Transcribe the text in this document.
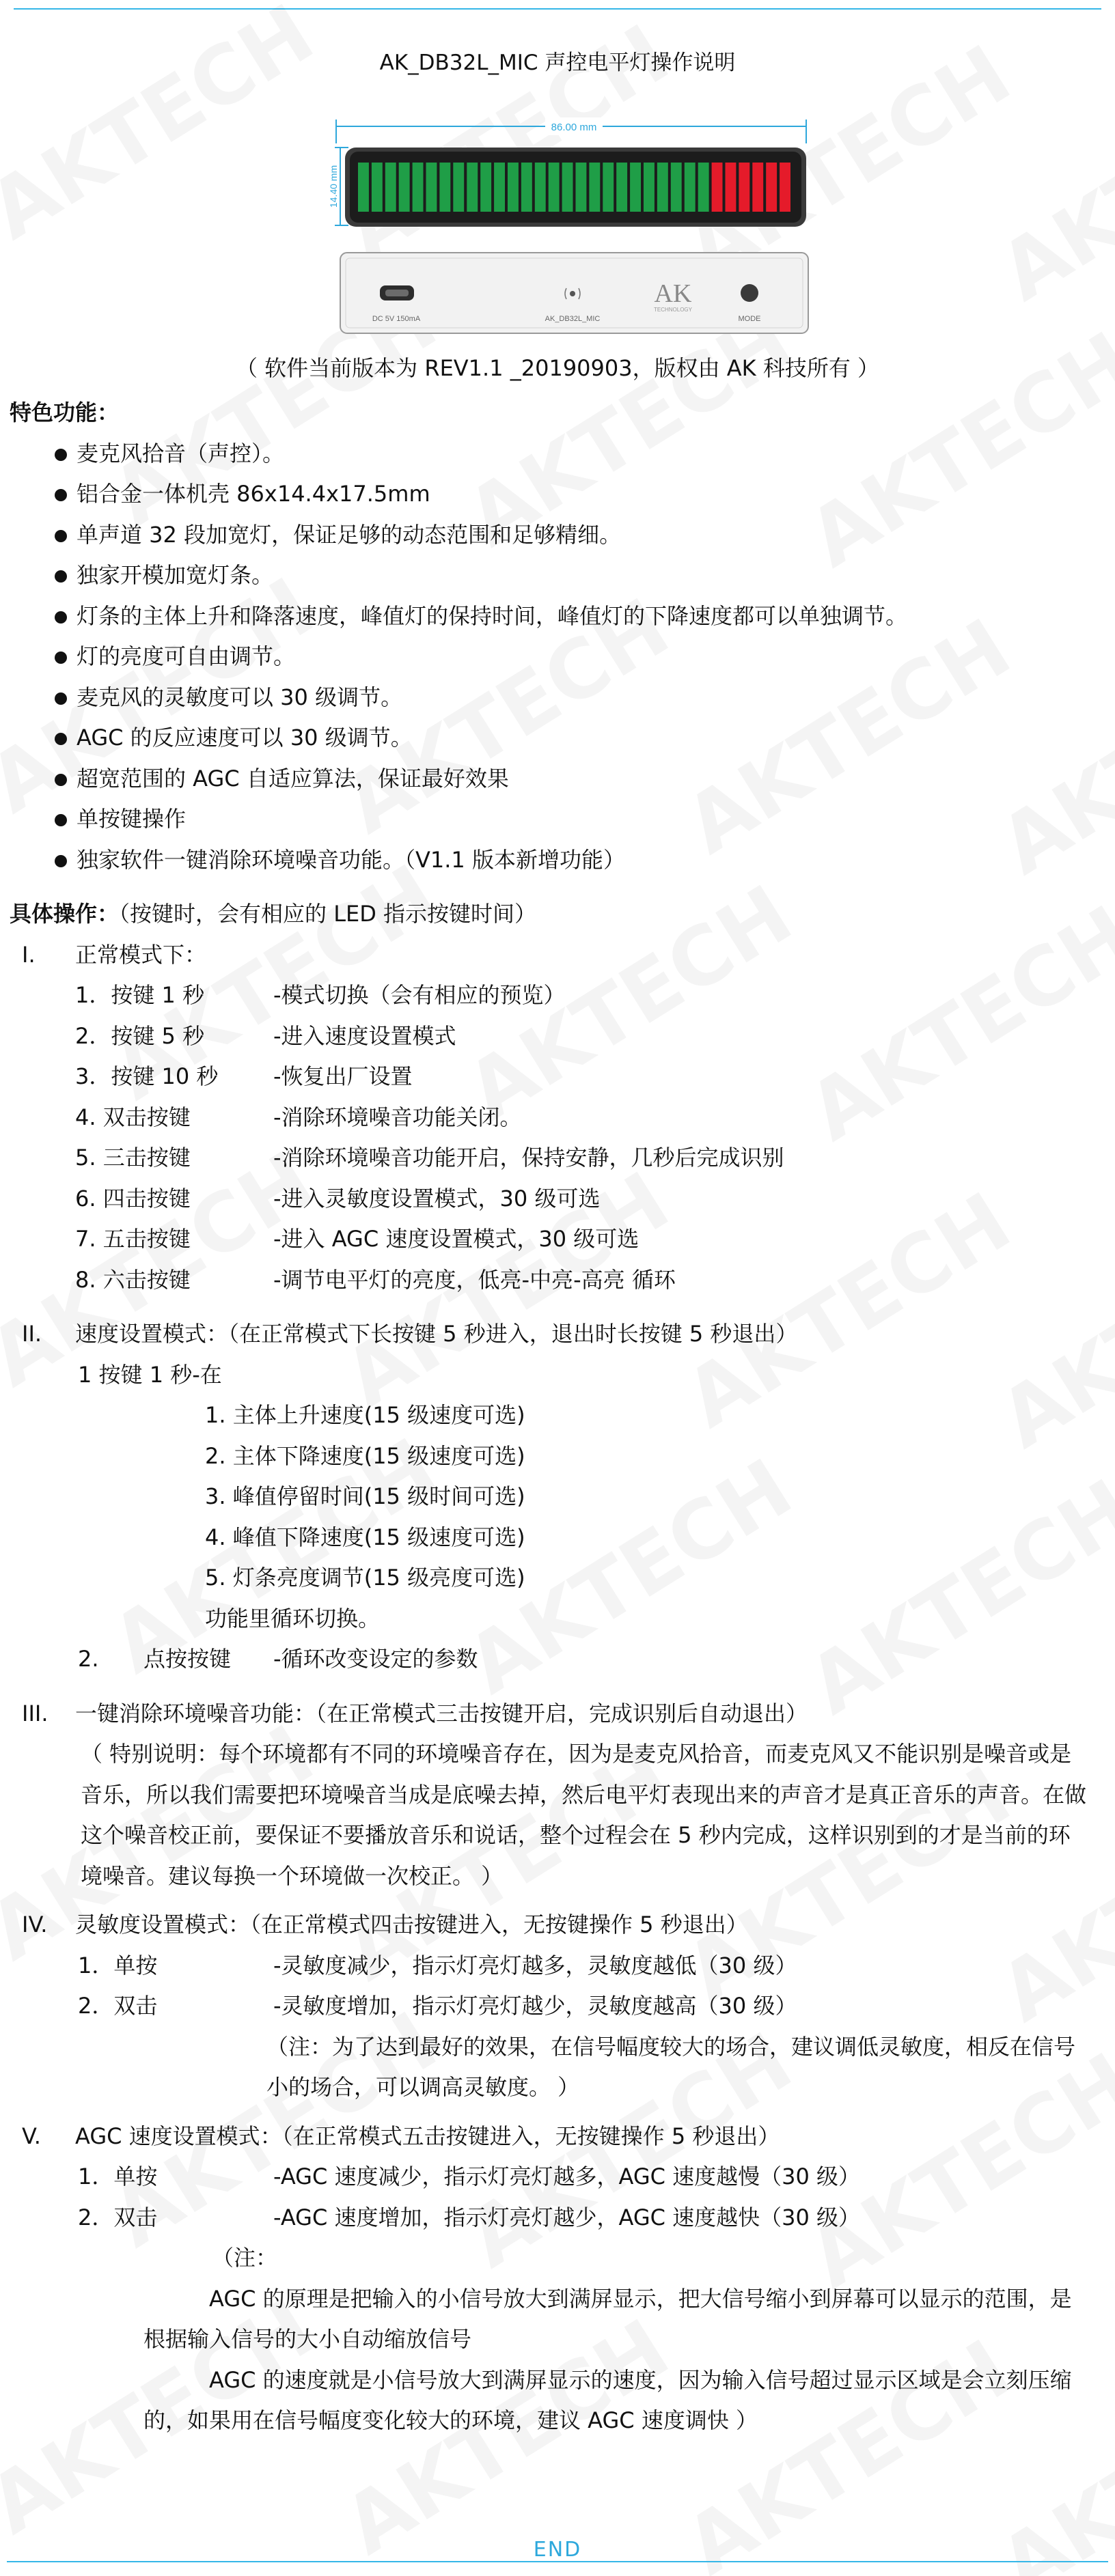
AK_DB32L_MIC 声控电平灯操作说明
86.00 mm
14.40 mm
DC 5V 150mA	AK_DB32L_MIC
AK
TECHNOLOGY
MODE
（ 软件当前版本为 REV1.1 _20190903，版权由 AK 科技所有 ）
特色功能：
麦克风拾音（声控）。
铝合金一体机壳 86x14.4x17.5mm
单声道 32 段加宽灯，保证足够的动态范围和足够精细。
独家开模加宽灯条。
灯条的主体上升和降落速度，峰值灯的保持时间，峰值灯的下降速度都可以单独调节。
灯的亮度可自由调节。
麦克风的灵敏度可以 30 级调节。
AGC 的反应速度可以 30 级调节。
超宽范围的 AGC 自适应算法，保证最好效果
单按键操作
独家软件一键消除环境噪音功能。（V1.1 版本新增功能）
具体操作：（按键时，会有相应的 LED 指示按键时间）
I. 正常模式下：
1．按键 1 秒	-模式切换（会有相应的预览）
2．按键 5 秒	-进入速度设置模式
3．按键 10 秒	-恢复出厂设置
4. 双击按键	-消除环境噪音功能关闭。
5. 三击按键	-消除环境噪音功能开启，保持安静，几秒后完成识别
6. 四击按键	-进入灵敏度设置模式，30 级可选
7. 五击按键	-进入 AGC 速度设置模式，30 级可选
8. 六击按键	-调节电平灯的亮度，低亮-中亮-高亮 循环
II. 速度设置模式：（在正常模式下长按键 5 秒进入，退出时长按键 5 秒退出）
1 按键 1 秒-在
1. 主体上升速度(15 级速度可选)
2. 主体下降速度(15 级速度可选)
3. 峰值停留时间(15 级时间可选)
4. 峰值下降速度(15 级速度可选)
5. 灯条亮度调节(15 级亮度可选)
功能里循环切换。
2. 点按按键 -循环改变设定的参数
III. 一键消除环境噪音功能：（在正常模式三击按键开启，完成识别后自动退出）
（ 特别说明：每个环境都有不同的环境噪音存在，因为是麦克风拾音，而麦克风又不能识别是噪音或是音乐，所以我们需要把环境噪音当成是底噪去掉，然后电平灯表现出来的声音才是真正音乐的声音。在做这个噪音校正前，要保证不要播放音乐和说话，整个过程会在 5 秒内完成，这样识别到的才是当前的环境噪音。建议每换一个环境做一次校正。 ）
IV. 灵敏度设置模式：（在正常模式四击按键进入，无按键操作 5 秒退出）
1．单按	-灵敏度减少，指示灯亮灯越多，灵敏度越低（30 级）
2．双击	-灵敏度增加，指示灯亮灯越少，灵敏度越高（30 级）
（注：为了达到最好的效果，在信号幅度较大的场合，建议调低灵敏度，相反在信号小的场合，可以调高灵敏度。 ）
V. AGC 速度设置模式：（在正常模式五击按键进入，无按键操作 5 秒退出）
1．单按	-AGC 速度减少，指示灯亮灯越多，AGC 速度越慢（30 级）
2．双击	-AGC 速度增加，指示灯亮灯越少，AGC 速度越快（30 级）
（注：
AGC 的原理是把输入的小信号放大到满屏显示，把大信号缩小到屏幕可以显示的范围，是根据输入信号的大小自动缩放信号
AGC 的速度就是小信号放大到满屏显示的速度，因为输入信号超过显示区域是会立刻压缩的，如果用在信号幅度变化较大的环境，建议 AGC 速度调快 ）
END
